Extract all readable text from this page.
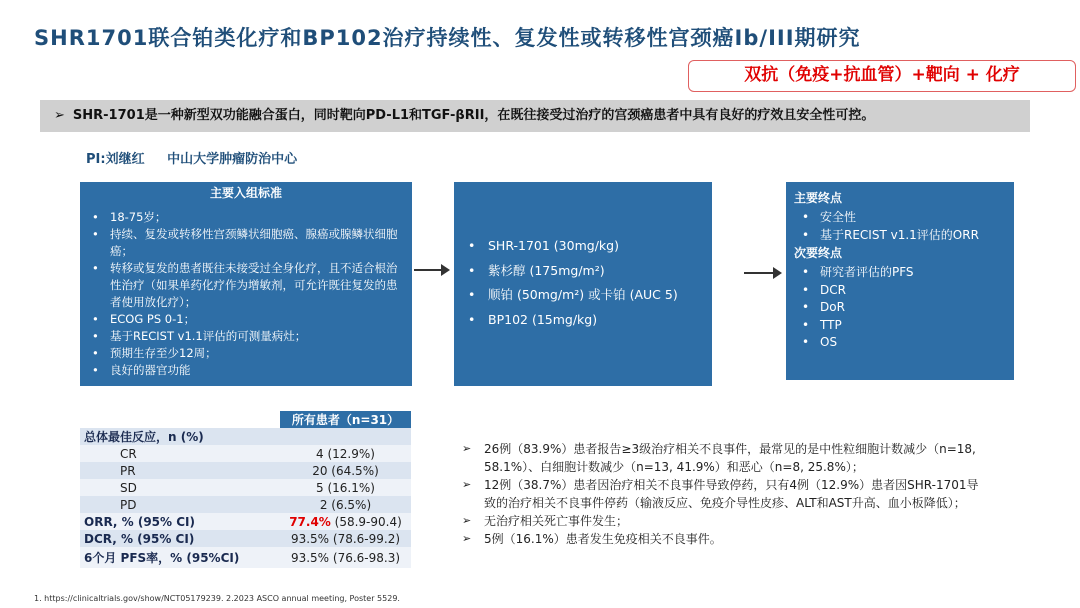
SHR1701联合铂类化疗和BP102治疗持续性、复发性或转移性宫颈癌Ib/III期研究
双抗（免疫+抗血管）+靶向 + 化疗
➢ SHR-1701是一种新型双功能融合蛋白，同时靶向PD-L1和TGF-βRII，在既往接受过治疗的宫颈癌患者中具有良好的疗效且安全性可控。
PI:刘继红 中山大学肿瘤防治中心
主要入组标准
• 18-75岁；
• 持续、复发或转移性宫颈鳞状细胞癌、腺癌或腺鳞状细胞癌；
• 转移或复发的患者既往未接受过全身化疗，且不适合根治性治疗（如果单药化疗作为增敏剂，可允许既往复发的患者使用放化疗）；
• ECOG PS 0-1；
• 基于RECIST v1.1评估的可测量病灶；
• 预期生存至少12周；
• 良好的器官功能
• SHR-1701 (30mg/kg)
• 紫杉醇 (175mg/m²)
• 顺铂 (50mg/m²) 或卡铂 (AUC 5)
• BP102 (15mg/kg)
主要终点
• 安全性
• 基于RECIST v1.1评估的ORR
次要终点
• 研究者评估的PFS
• DCR
• DoR
• TTP
• OS
	所有患者（n=31）
总体最佳反应，n (%)	
CR	4 (12.9%)
PR	20 (64.5%)
SD	5 (16.1%)
PD	2 (6.5%)
ORR, % (95% CI)	77.4% (58.9-90.4)
DCR, % (95% CI)	93.5% (78.6-99.2)
6个月 PFS率，% (95%CI)	93.5% (76.6-98.3)
➢ 26例（83.9%）患者报告≥3级治疗相关不良事件，最常见的是中性粒细胞计数减少（n=18, 58.1%）、白细胞计数减少（n=13, 41.9%）和恶心（n=8, 25.8%）；
➢ 12例（38.7%）患者因治疗相关不良事件导致停药，只有4例（12.9%）患者因SHR-1701导致的治疗相关不良事件停药（输液反应、免疫介导性皮疹、ALT和AST升高、血小板降低）；
➢ 无治疗相关死亡事件发生；
➢ 5例（16.1%）患者发生免疫相关不良事件。
1. https://clinicaltrials.gov/show/NCT05179239. 2.2023 ASCO annual meeting, Poster 5529.
